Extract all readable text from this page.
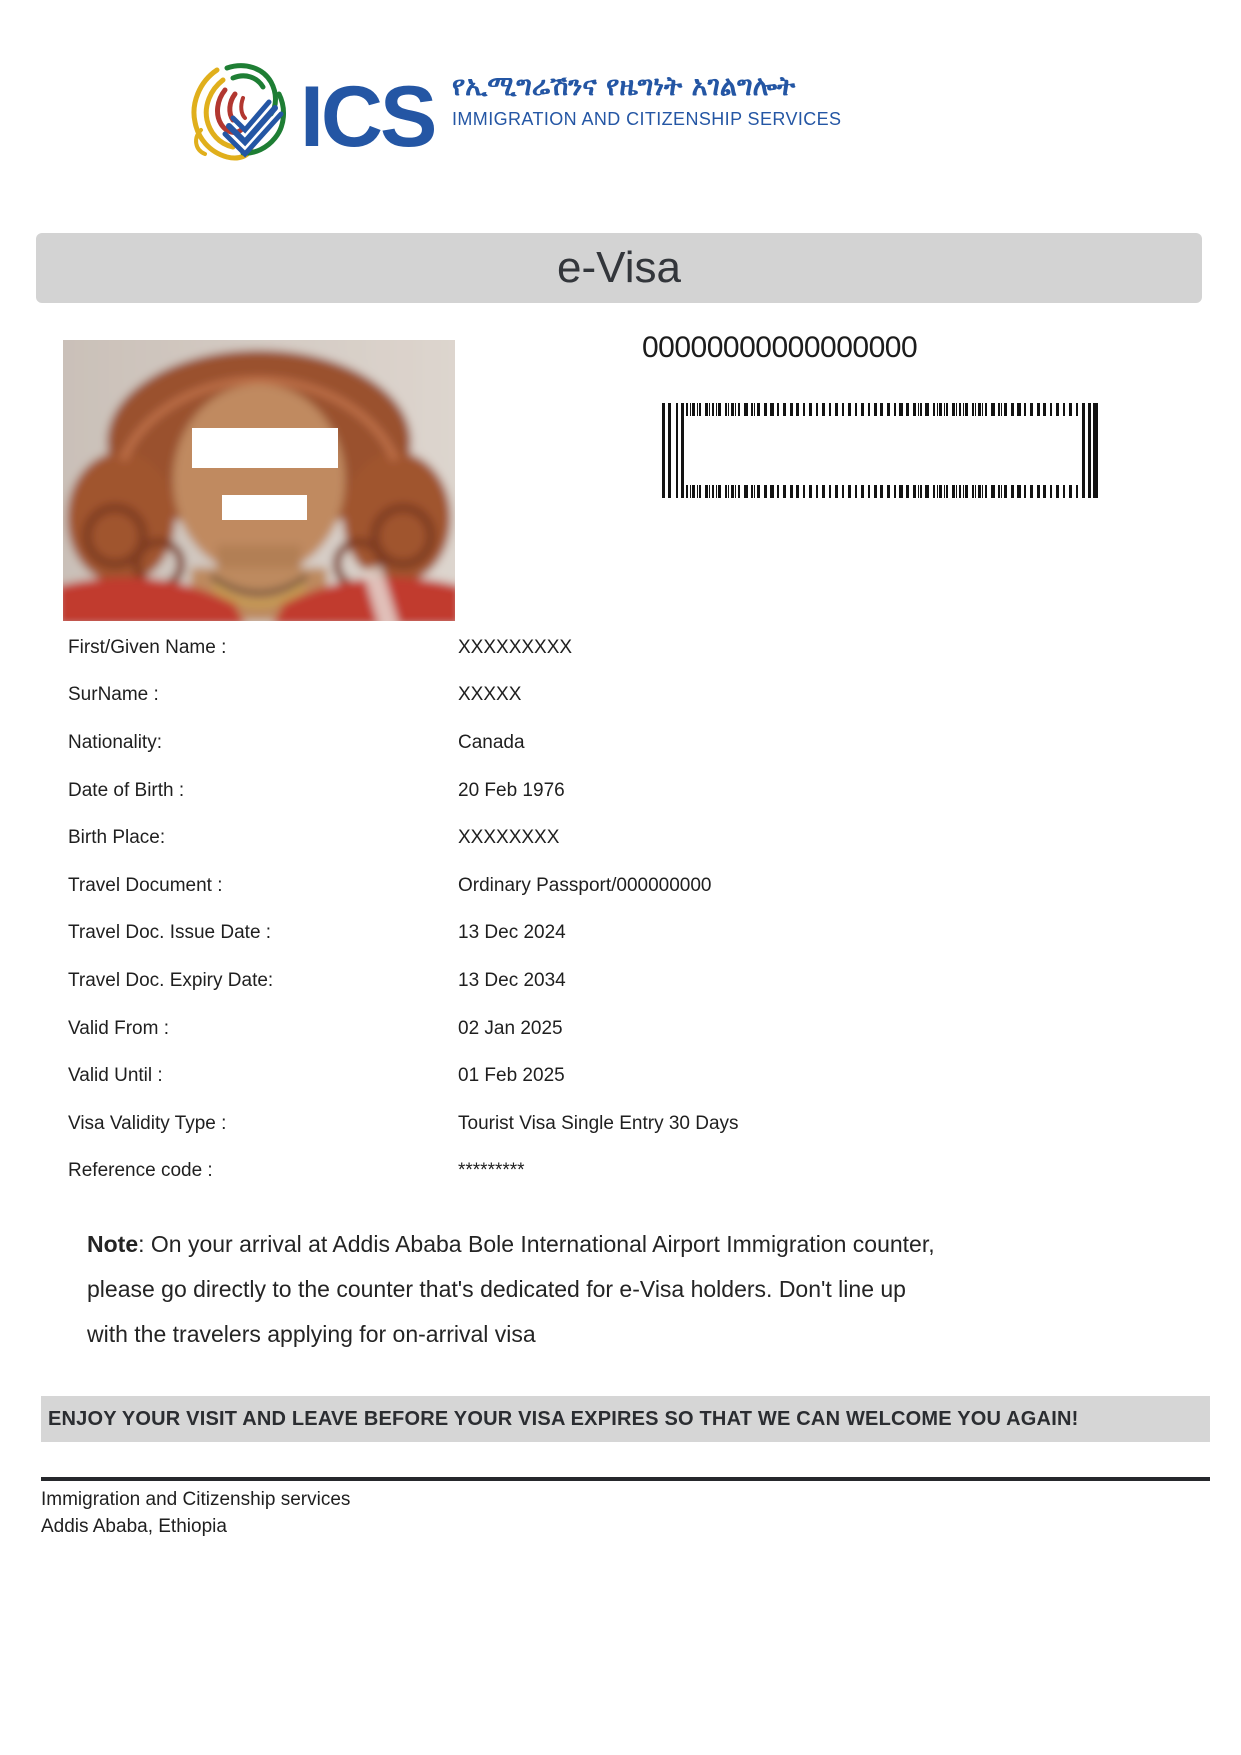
ICS የኢሚግሬሽንና የዜግነት አገልግሎት
IMMIGRATION AND CITIZENSHIP SERVICES
e-Visa
00000000000000000
First/Given Name :	XXXXXXXXX
SurName :	XXXXX
Nationality:	Canada
Date of Birth :	20 Feb 1976
Birth Place:	XXXXXXXX
Travel Document :	Ordinary Passport/000000000
Travel Doc. Issue Date :	13 Dec 2024
Travel Doc. Expiry Date:	13 Dec 2034
Valid From :	02 Jan 2025
Valid Until :	01 Feb 2025
Visa Validity Type :	Tourist Visa Single Entry 30 Days
Reference code :	*********

Note: On your arrival at Addis Ababa Bole International Airport Immigration counter,
please go directly to the counter that's dedicated for e-Visa holders. Don't line up
with the travelers applying for on-arrival visa

ENJOY YOUR VISIT AND LEAVE BEFORE YOUR VISA EXPIRES SO THAT WE CAN WELCOME YOU AGAIN!
Immigration and Citizenship services
Addis Ababa, Ethiopia
